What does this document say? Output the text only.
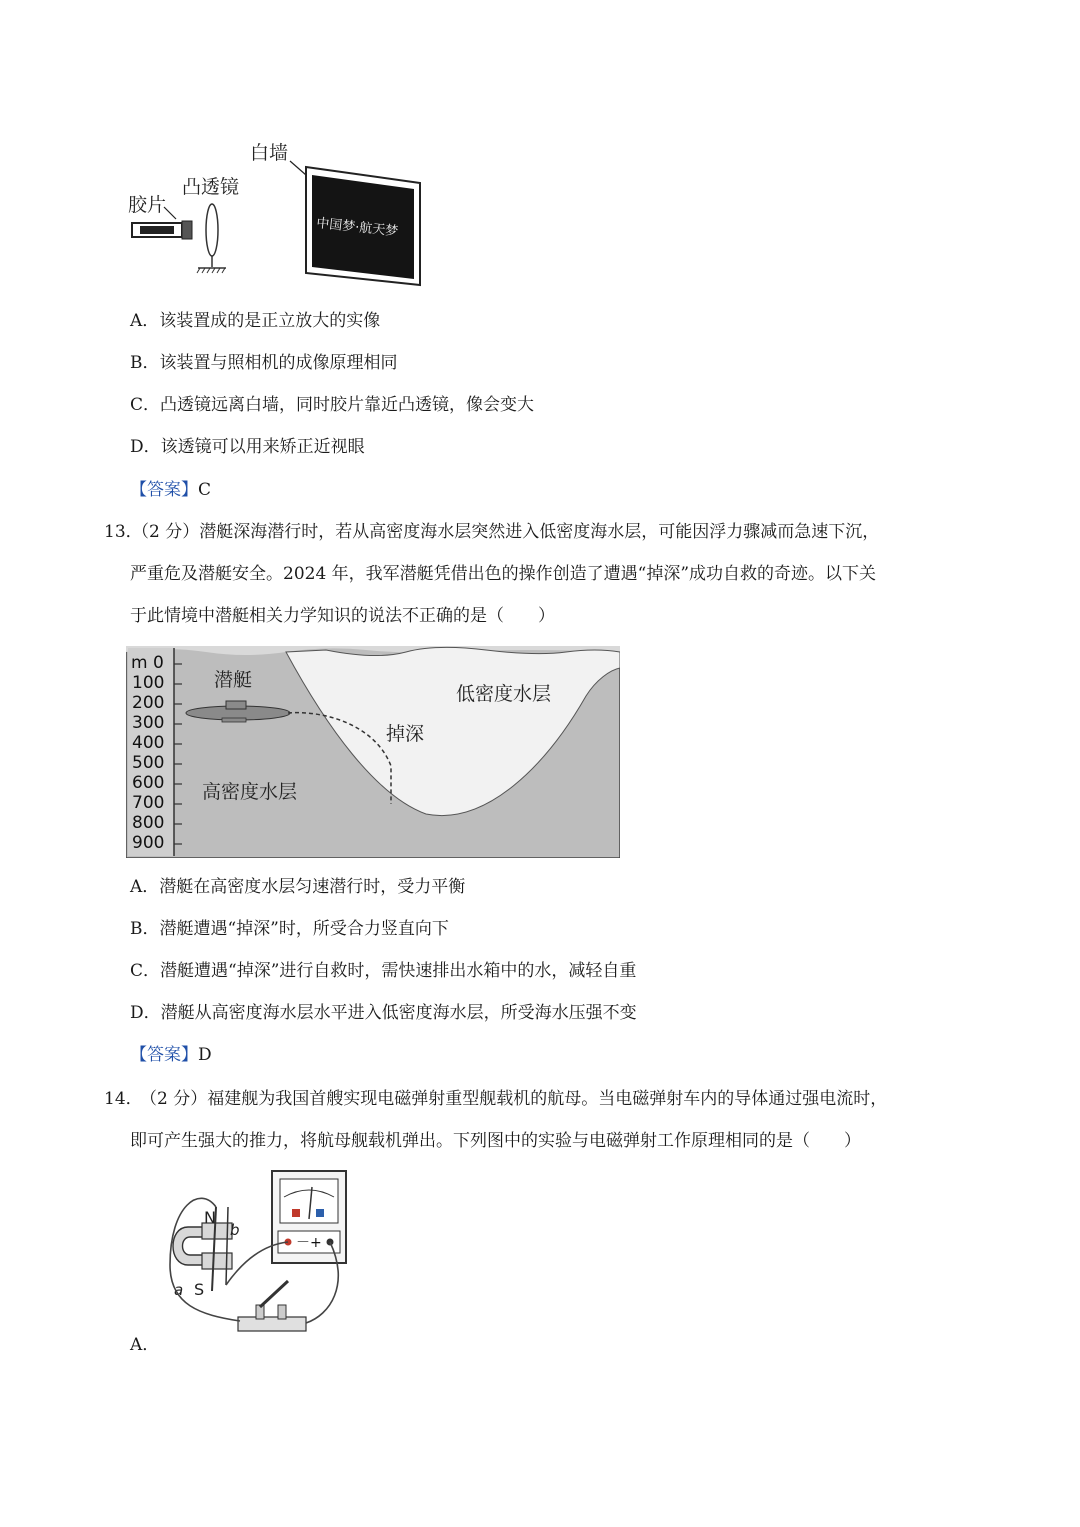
中国梦·航天梦
白墙
凸透镜
胶片
A．该装置成的是正立放大的实像
B．该装置与照相机的成像原理相同
C．凸透镜远离白墙，同时胶片靠近凸透镜，像会变大
D．该透镜可以用来矫正近视眼
【答案】C
13．
（2 分）潜艇深海潜行时，若从高密度海水层突然进入低密度海水层，可能因浮力骤减而急速下沉，
严重危及潜艇安全。2024 年，我军潜艇凭借出色的操作创造了遭遇“掉深”成功自救的奇迹。以下关
于此情境中潜艇相关力学知识的说法不正确的是（　　）
m 0
100
200
300
400
500
600
700
800
900
潜艇
低密度水层
掉深
高密度水层
A．潜艇在高密度水层匀速潜行时，受力平衡
B．潜艇遭遇“掉深”时，所受合力竖直向下
C．潜艇遭遇“掉深”进行自救时，需快速排出水箱中的水，减轻自重
D．潜艇从高密度海水层水平进入低密度海水层，所受海水压强不变
【答案】D
14．
（2 分）福建舰为我国首艘实现电磁弹射重型舰载机的航母。当电磁弹射车内的导体通过强电流时，
即可产生强大的推力，将航母舰载机弹出。下列图中的实验与电磁弹射工作原理相同的是（　　）
N
S
a
b
－+
A．
